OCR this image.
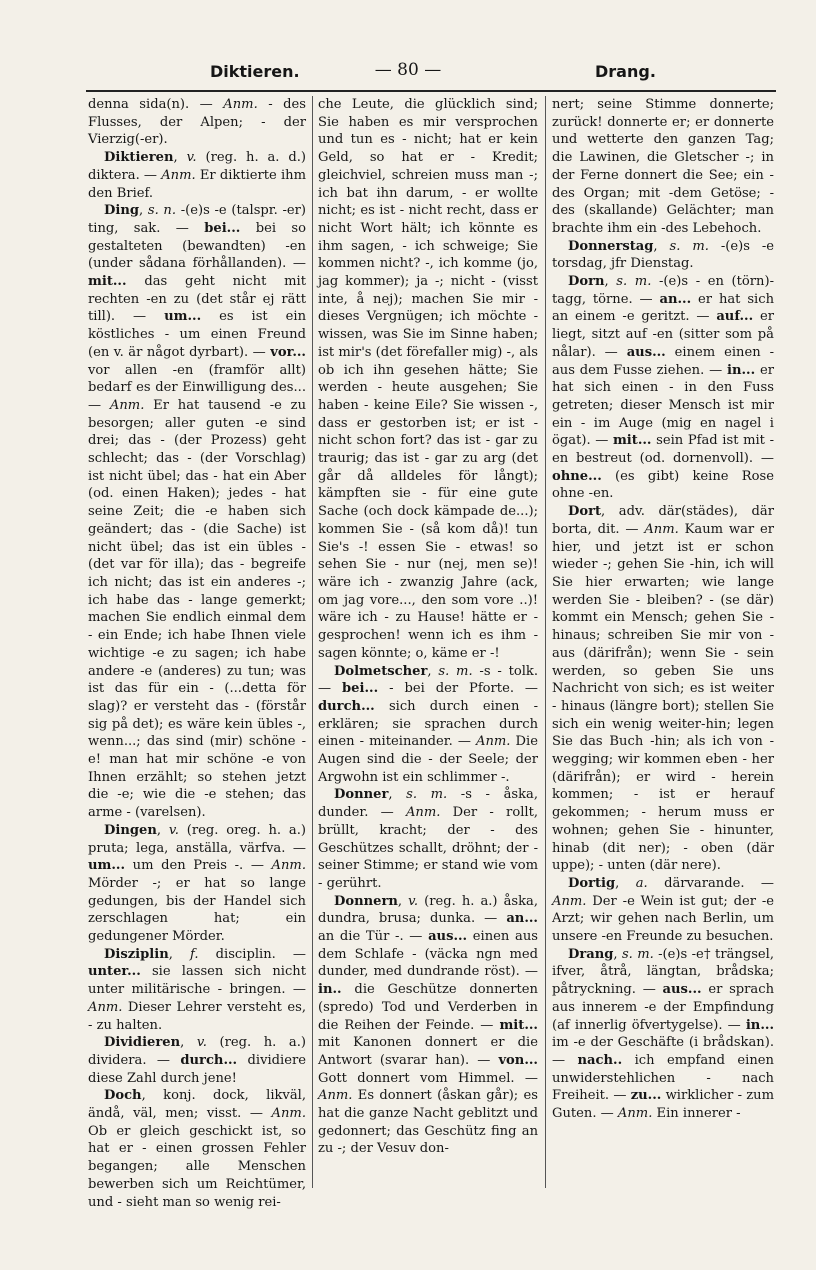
Diktieren.	— 80 —	Drang.

denna sida(n). — Anm. - des Flusses, der Alpen; - der Vierzig(-er).

Diktieren, v. (reg. h. a. d.) diktera. — Anm. Er diktierte ihm den Brief.

Ding, s. n. -(e)s -e (talspr. -er) ting, sak. — bei... bei so gestalteten (bewandten) -en (under sådana förhållanden). — mit... das geht nicht mit rechten -en zu (det står ej rätt till). — um... es ist ein köstliches - um einen Freund (en v. är något dyrbart). — vor... vor allen -en (framför allt) bedarf es der Einwilligung des... — Anm. Er hat tausend -e zu besorgen; aller guten -e sind drei; das - (der Prozess) geht schlecht; das - (der Vorschlag) ist nicht übel; das - hat ein Aber (od. einen Haken); jedes - hat seine Zeit; die -e haben sich geändert; das - (die Sache) ist nicht übel; das ist ein übles - (det var för illa); das - begreife ich nicht; das ist ein anderes -; ich habe das - lange gemerkt; machen Sie endlich einmal dem - ein Ende; ich habe Ihnen viele wichtige -e zu sagen; ich habe andere -e (anderes) zu tun; was ist das für ein - (...detta för slag)? er versteht das - (förstår sig på det); es wäre kein übles -, wenn...; das sind (mir) schöne -e! man hat mir schöne -e von Ihnen erzählt; so stehen jetzt die -e; wie die -e stehen; das arme - (varelsen).

Dingen, v. (reg. oreg. h. a.) pruta; lega, anställa, värfva. — um... um den Preis -. — Anm. Mörder -; er hat so lange gedungen, bis der Handel sich zerschlagen hat; ein gedungener Mörder.

Disziplin, f. disciplin. — unter... sie lassen sich nicht unter militärische - bringen. — Anm. Dieser Lehrer versteht es, - zu halten.

Dividieren, v. (reg. h. a.) dividera. — durch... dividiere diese Zahl durch jene!

Doch, konj. dock, likväl, ändå, väl, men; visst. — Anm. Ob er gleich geschickt ist, so hat er - einen grossen Fehler begangen; alle Menschen bewerben sich um Reichtümer, und - sieht man so wenig rei-

che Leute, die glücklich sind; Sie haben es mir versprochen und tun es - nicht; hat er kein Geld, so hat er - Kredit; gleichviel, schreien muss man -; ich bat ihn darum, - er wollte nicht; es ist - nicht recht, dass er nicht Wort hält; ich könnte es ihm sagen, - ich schweige; Sie kommen nicht? -, ich komme (jo, jag kommer); ja -; nicht - (visst inte, å nej); machen Sie mir - dieses Vergnügen; ich möchte - wissen, was Sie im Sinne haben; ist mir's (det förefaller mig) -, als ob ich ihn gesehen hätte; Sie werden - heute ausgehen; Sie haben - keine Eile? Sie wissen -, dass er gestorben ist; er ist - nicht schon fort? das ist - gar zu traurig; das ist - gar zu arg (det går då alldeles för långt); kämpften sie - für eine gute Sache (och dock kämpade de...); kommen Sie - (så kom då)! tun Sie's -! essen Sie - etwas! so sehen Sie - nur (nej, men se)! wäre ich - zwanzig Jahre (ack, om jag vore..., den som vore ..)! wäre ich - zu Hause! hätte er - gesprochen! wenn ich es ihm - sagen könnte; o, käme er -!

Dolmetscher, s. m. -s - tolk. — bei... - bei der Pforte. — durch... sich durch einen - erklären; sie sprachen durch einen - miteinander. — Anm. Die Augen sind die - der Seele; der Argwohn ist ein schlimmer -.

Donner, s. m. -s - åska, dunder. — Anm. Der - rollt, brüllt, kracht; der - des Geschützes schallt, dröhnt; der - seiner Stimme; er stand wie vom - gerührt.

Donnern, v. (reg. h. a.) åska, dundra, brusa; dunka. — an... an die Tür -. — aus... einen aus dem Schlafe - (väcka ngn med dunder, med dundrande röst). — in.. die Geschütze donnerten (spredo) Tod und Verderben in die Reihen der Feinde. — mit... mit Kanonen donnert er die Antwort (svarar han). — von... Gott donnert vom Himmel. — Anm. Es donnert (åskan går); es hat die ganze Nacht geblitzt und gedonnert; das Geschütz fing an zu -; der Vesuv don-

nert; seine Stimme donnerte; zurück! donnerte er; er donnerte und wetterte den ganzen Tag; die Lawinen, die Gletscher -; in der Ferne donnert die See; ein -des Organ; mit -dem Getöse; -des (skallande) Gelächter; man brachte ihm ein -des Lebehoch.

Donnerstag, s. m. -(e)s -e torsdag, jfr Dienstag.

Dorn, s. m. -(e)s - en (törn)-tagg, törne. — an... er hat sich an einem -e geritzt. — auf... er liegt, sitzt auf -en (sitter som på nålar). — aus... einem einen - aus dem Fusse ziehen. — in... er hat sich einen - in den Fuss getreten; dieser Mensch ist mir ein - im Auge (mig en nagel i ögat). — mit... sein Pfad ist mit -en bestreut (od. dornenvoll). — ohne... (es gibt) keine Rose ohne -en.

Dort, adv. där(städes), där borta, dit. — Anm. Kaum war er hier, und jetzt ist er schon wieder -; gehen Sie -hin, ich will Sie hier erwarten; wie lange werden Sie - bleiben? - (se där) kommt ein Mensch; gehen Sie - hinaus; schreiben Sie mir von - aus (därifrån); wenn Sie - sein werden, so geben Sie uns Nachricht von sich; es ist weiter - hinaus (längre bort); stellen Sie sich ein wenig weiter-hin; legen Sie das Buch -hin; als ich von -wegging; wir kommen eben - her (därifrån); er wird - herein kommen; - ist er herauf gekommen; - herum muss er wohnen; gehen Sie - hinunter, hinab (dit ner); - oben (där uppe); - unten (där nere).

Dortig, a. därvarande. — Anm. Der -e Wein ist gut; der -e Arzt; wir gehen nach Berlin, um unsere -en Freunde zu besuchen.

Drang, s. m. -(e)s -e† trängsel, ifver, åtrå, längtan, brådska; påtryckning. — aus... er sprach aus innerem -e der Empfindung (af innerlig öfvertygelse). — in... im -e der Geschäfte (i brådskan). — nach.. ich empfand einen unwiderstehlichen - nach Freiheit. — zu... wirklicher - zum Guten. — Anm. Ein innerer -
